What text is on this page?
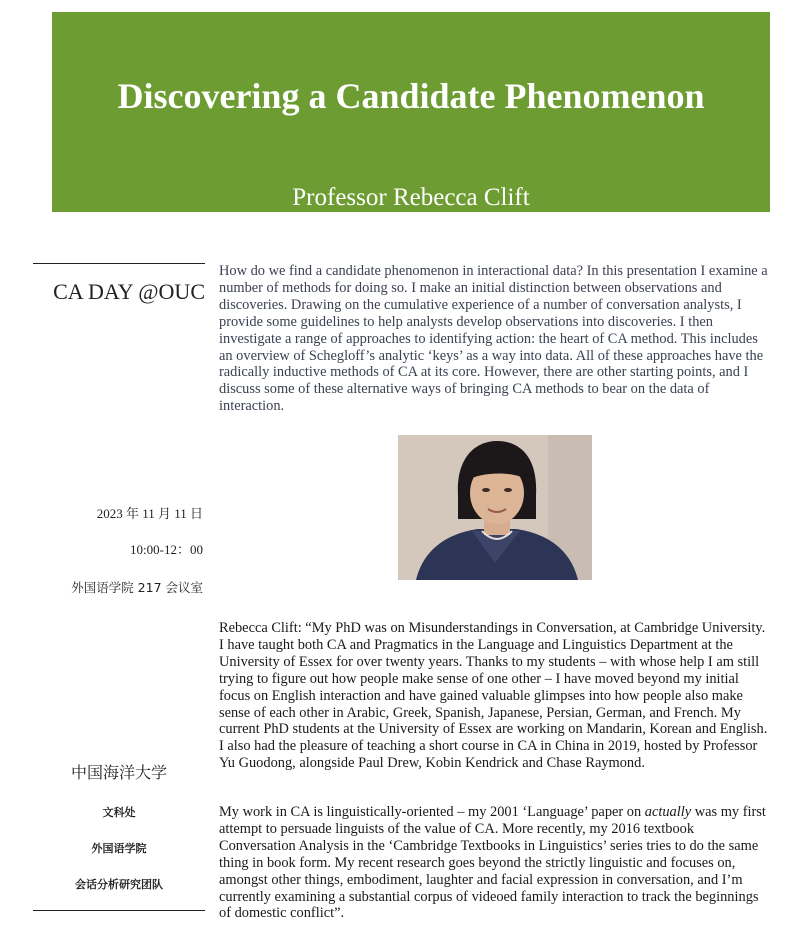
Discovering a Candidate Phenomenon
Professor Rebecca Clift
CA DAY @OUC
2023 年 11 月 11 日
10:00-12：00
外国语学院 217 会议室
中国海洋大学
文科处
外国语学院
会话分析研究团队

How do we find a candidate phenomenon in interactional data? In this presentation I examine a number of methods for doing so. I make an initial distinction between observations and discoveries. Drawing on the cumulative experience of a number of conversation analysts, I provide some guidelines to help analysts develop observations into discoveries. I then investigate a range of approaches to identifying action: the heart of CA method. This includes an overview of Schegloff’s analytic ‘keys’ as a way into data. All of these approaches have the radically inductive methods of CA at its core. However, there are other starting points, and I discuss some of these alternative ways of bringing CA methods to bear on the data of interaction.

Rebecca Clift: “My PhD was on Misunderstandings in Conversation, at Cambridge University. I have taught both CA and Pragmatics in the Language and Linguistics Department at the University of Essex for over twenty years. Thanks to my students – with whose help I am still trying to figure out how people make sense of one other – I have moved beyond my initial focus on English interaction and have gained valuable glimpses into how people also make sense of each other in Arabic, Greek, Spanish, Japanese, Persian, German, and French. My current PhD students at the University of Essex are working on Mandarin, Korean and English. I also had the pleasure of teaching a short course in CA in China in 2019, hosted by Professor Yu Guodong, alongside Paul Drew, Kobin Kendrick and Chase Raymond.

My work in CA is linguistically-oriented – my 2001 ‘Language’ paper on actually was my first attempt to persuade linguists of the value of CA. More recently, my 2016 textbook Conversation Analysis in the ‘Cambridge Textbooks in Linguistics’ series tries to do the same thing in book form. My recent research goes beyond the strictly linguistic and focuses on, amongst other things, embodiment, laughter and facial expression in conversation, and I’m currently examining a substantial corpus of videoed family interaction to track the beginnings of domestic conflict”.
